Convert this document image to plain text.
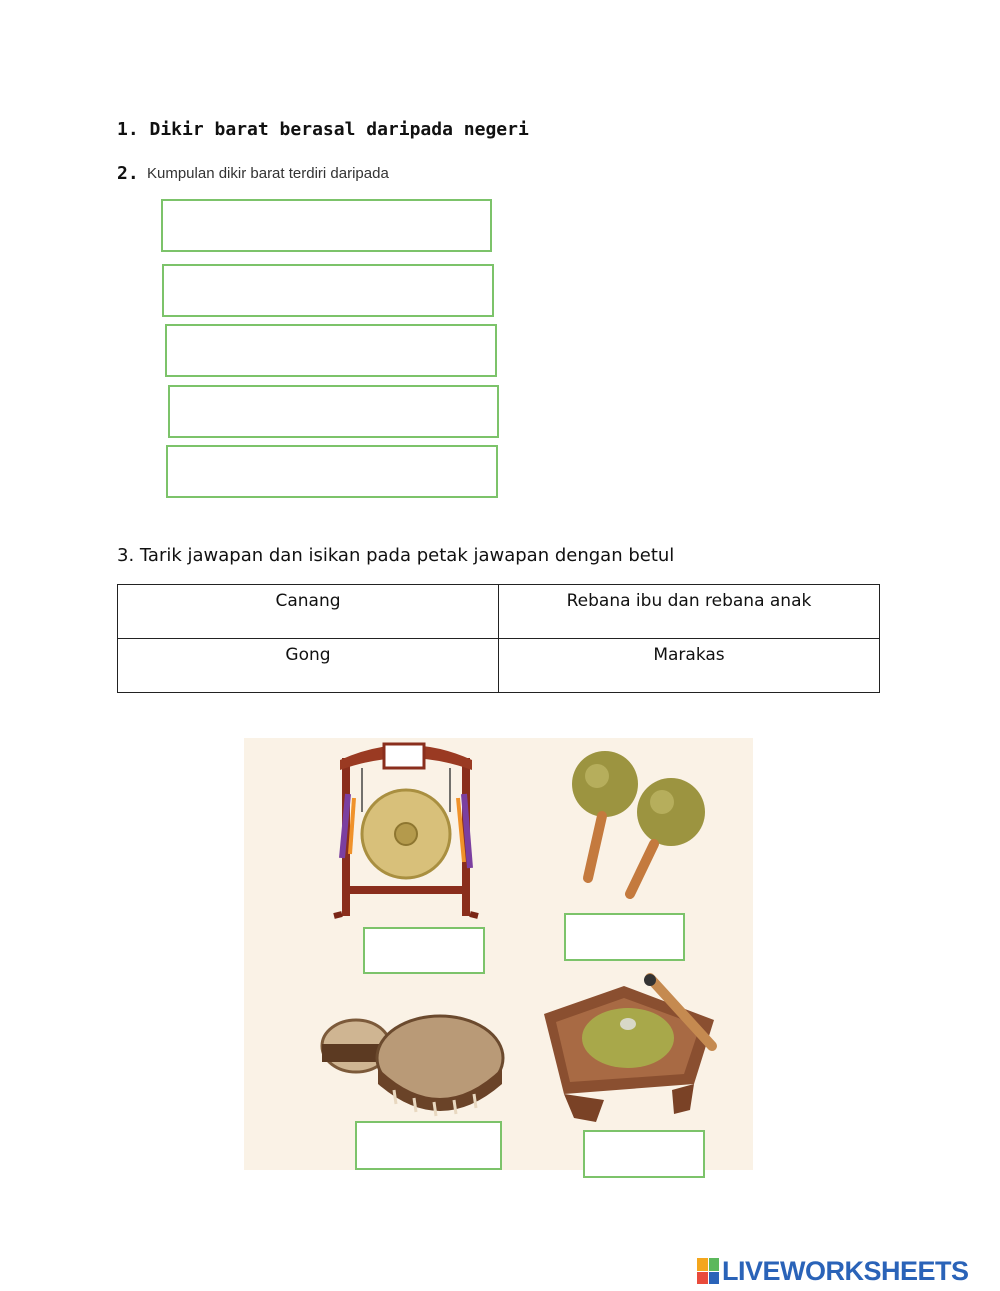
1. Dikir barat berasal daripada negeri
2. Kumpulan dikir barat terdiri daripada
3. Tarik jawapan dan isikan pada petak jawapan dengan betul
Canang	Rebana ibu dan rebana anak
Gong	Marakas
LIVEWORKSHEETS
